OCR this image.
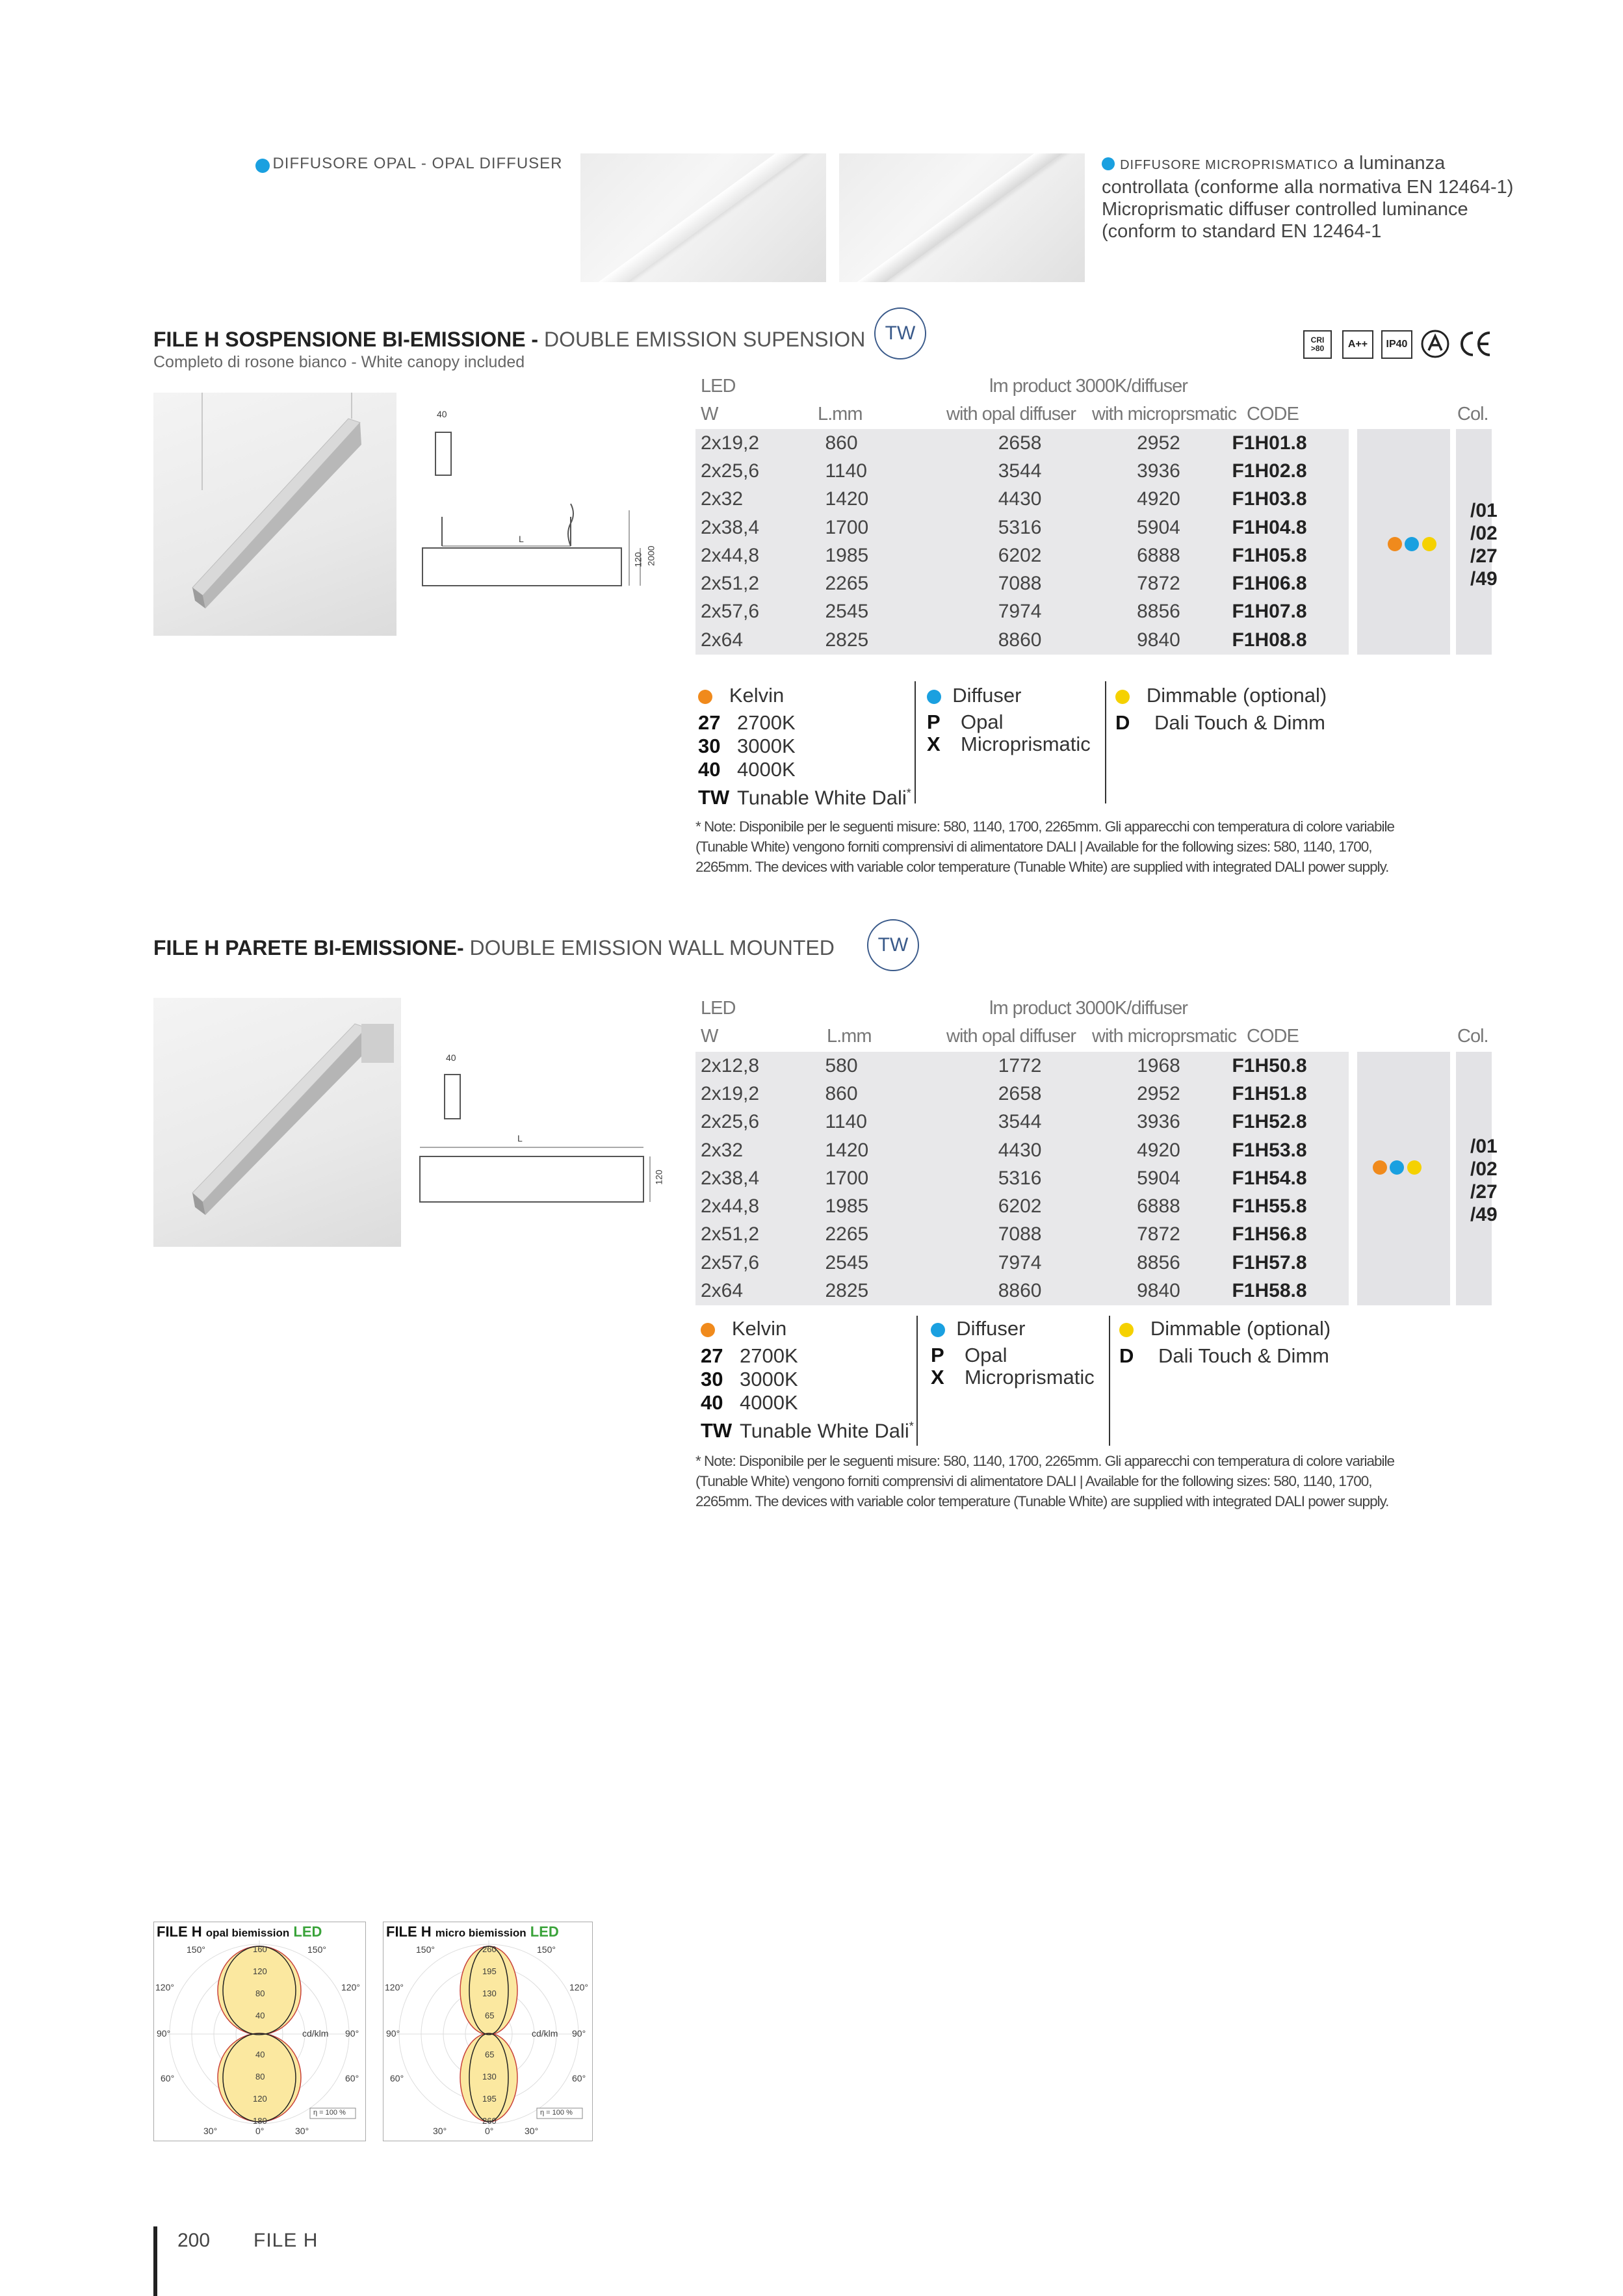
DIFFUSORE OPAL - OPAL DIFFUSER	DIFFUSORE MICROPRISMATICO a luminanza
controllata (conforme alla normativa EN 12464-1)
Microprismatic diffuser controlled luminance
(conform to standard EN 12464-1
FILE H SOSPENSIONE BI-EMISSIONE - DOUBLE EMISSION SUPENSION
Completo di rosone bianco - White canopy included
TW	CRI
>80	A++	IP40
40
L
120 2000
LED
W	L.mm
lm product 3000K/diffuser
with opal diffuser with microprsmatic CODE	Col.
2x19,2	860	2658	2952	F1H01.8
2x25,6	1140	3544	3936	F1H02.8
2x32	1420	4430	4920	F1H03.8
2x38,4	1700	5316	5904	F1H04.8
2x44,8	1985	6202	6888	F1H05.8
2x51,2	2265	7088	7872	F1H06.8
2x57,6	2545	7974	8856	F1H07.8
2x64	2825	8860	9840	F1H08.8

/01
/02
/27
/49
Kelvin
27 2700K
30 3000K
40 4000K
TW Tunable White Dali*
Diffuser
P Opal
X Microprismatic
Dimmable (optional)
D Dali Touch & Dimm
* Note: Disponibile per le seguenti misure: 580, 1140, 1700, 2265mm. Gli apparecchi con temperatura di colore variabile
(Tunable White) vengono forniti comprensivi di alimentatore DALI | Available for the following sizes: 580, 1140, 1700,
2265mm. The devices with variable color temperature (Tunable White) are supplied with integrated DALI power supply.
FILE H PARETE BI-EMISSIONE- DOUBLE EMISSION WALL MOUNTED	TW
40
L
120
LED
W	L.mm
lm product 3000K/diffuser
with opal diffuser with microprsmatic CODE	Col.
2x12,8	580	1772	1968	F1H50.8
2x19,2	860	2658	2952	F1H51.8
2x25,6	1140	3544	3936	F1H52.8
2x32	1420	4430	4920	F1H53.8
2x38,4	1700	5316	5904	F1H54.8
2x44,8	1985	6202	6888	F1H55.8
2x51,2	2265	7088	7872	F1H56.8
2x57,6	2545	7974	8856	F1H57.8
2x64	2825	8860	9840	F1H58.8

/01
/02
/27
/49
Kelvin
27 2700K
30 3000K
40 4000K
TW Tunable White Dali*
Diffuser
P Opal
X Microprismatic
Dimmable (optional)
D Dali Touch & Dimm
* Note: Disponibile per le seguenti misure: 580, 1140, 1700, 2265mm. Gli apparecchi con temperatura di colore variabile
(Tunable White) vengono forniti comprensivi di alimentatore DALI | Available for the following sizes: 580, 1140, 1700,
2265mm. The devices with variable color temperature (Tunable White) are supplied with integrated DALI power supply.
FILE H opal biemission LED
150°	150°
120°	120°
90°	90°
60°	60°
30°	30°
0°
cd/klm
160
120
80
40
40
80
120
180
η = 100 %
FILE H micro biemission LED
150°	150°
120°	120°
90°	90°
60°	60°
30°	30°
0°
cd/klm
260
195
130
65
65
130
195
260
η = 100 %
200 FILE H
